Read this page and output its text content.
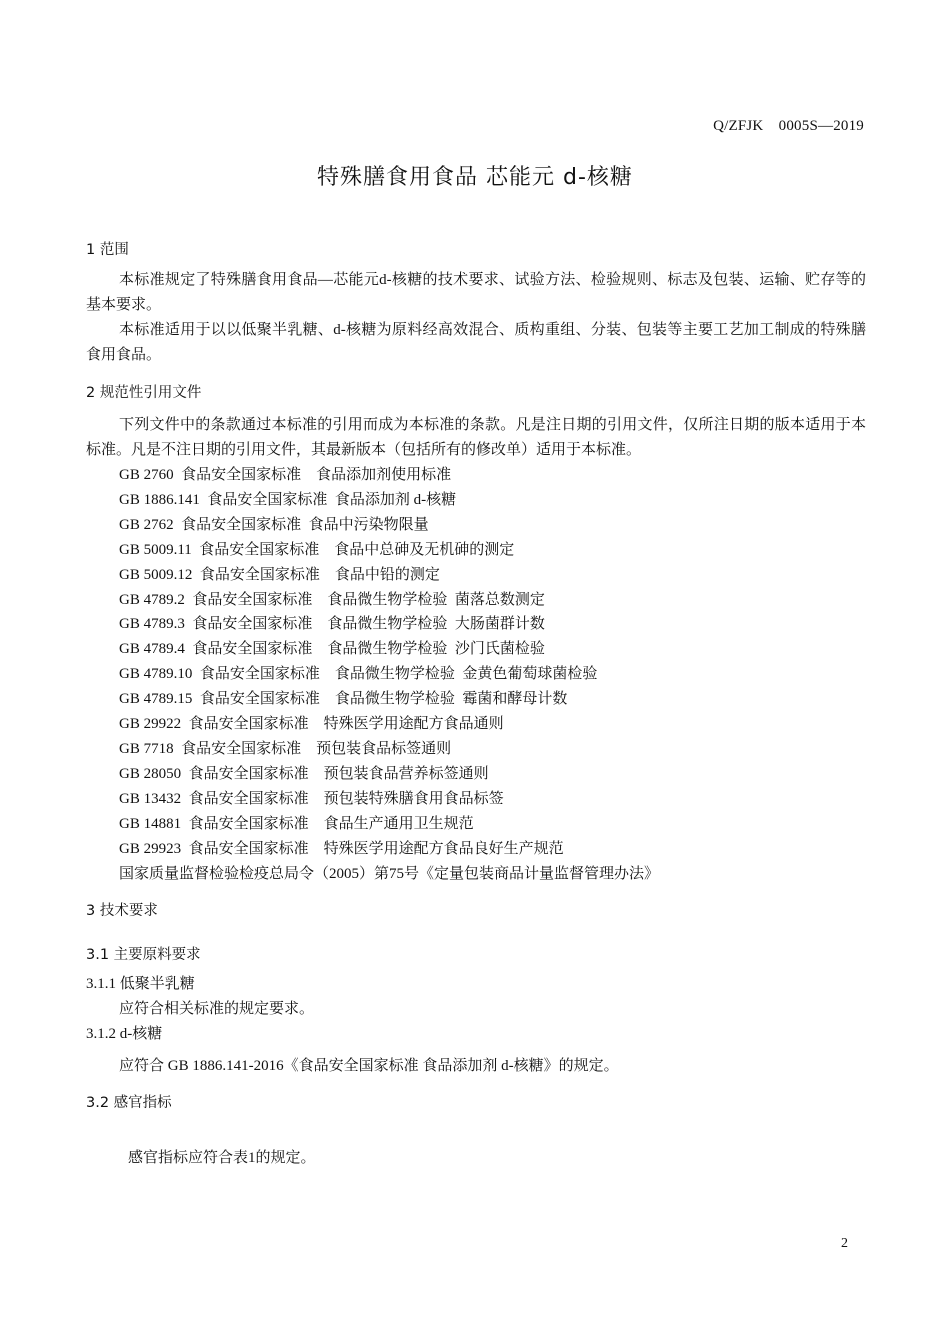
Q/ZFJK　0005S—2019
特殊膳食用食品 芯能元 d-核糖
1 范围
本标准规定了特殊膳食用食品—芯能元d-核糖的技术要求、试验方法、检验规则、标志及包装、运输、贮存等的基本要求。
本标准适用于以以低聚半乳糖、d-核糖为原料经高效混合、质构重组、分装、包装等主要工艺加工制成的特殊膳食用食品。
2 规范性引用文件
下列文件中的条款通过本标准的引用而成为本标准的条款。凡是注日期的引用文件，仅所注日期的版本适用于本标准。凡是不注日期的引用文件，其最新版本（包括所有的修改单）适用于本标准。
GB 2760  食品安全国家标准    食品添加剂使用标准
GB 1886.141  食品安全国家标准  食品添加剂 d-核糖
GB 2762  食品安全国家标准  食品中污染物限量
GB 5009.11  食品安全国家标准    食品中总砷及无机砷的测定
GB 5009.12  食品安全国家标准    食品中铅的测定
GB 4789.2  食品安全国家标准    食品微生物学检验  菌落总数测定
GB 4789.3  食品安全国家标准    食品微生物学检验  大肠菌群计数
GB 4789.4  食品安全国家标准    食品微生物学检验  沙门氏菌检验
GB 4789.10  食品安全国家标准    食品微生物学检验  金黄色葡萄球菌检验
GB 4789.15  食品安全国家标准    食品微生物学检验  霉菌和酵母计数
GB 29922  食品安全国家标准    特殊医学用途配方食品通则
GB 7718  食品安全国家标准    预包装食品标签通则
GB 28050  食品安全国家标准    预包装食品营养标签通则
GB 13432  食品安全国家标准    预包装特殊膳食用食品标签
GB 14881  食品安全国家标准    食品生产通用卫生规范
GB 29923  食品安全国家标准    特殊医学用途配方食品良好生产规范
国家质量监督检验检疫总局令（2005）第75号《定量包装商品计量监督管理办法》
3 技术要求
3.1 主要原料要求
3.1.1 低聚半乳糖
应符合相关标准的规定要求。
3.1.2 d-核糖
应符合 GB 1886.141-2016《食品安全国家标准 食品添加剂 d-核糖》的规定。
3.2 感官指标
感官指标应符合表1的规定。
2
